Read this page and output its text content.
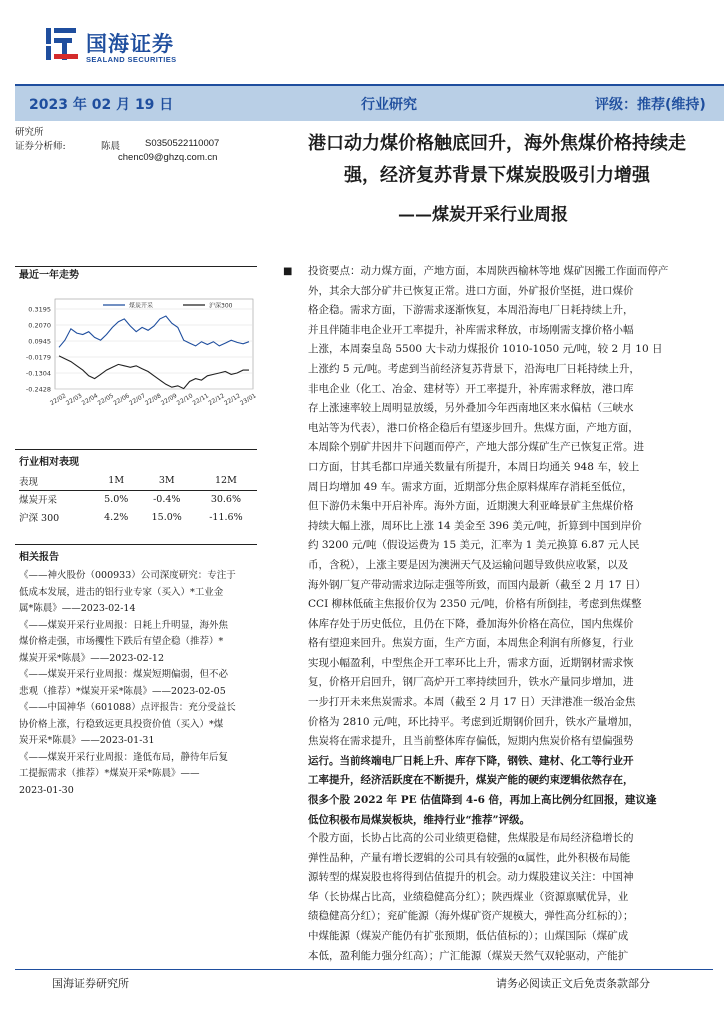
国海证券
SEALAND SECURITIES
2023 年 02 月 19 日	行业研究	评级：推荐(维持)
研究所
证券分析师:	陈晨	S0350522110007
chenc09@ghzq.com.cn
港口动力煤价格触底回升，海外焦煤价格持续走
强，经济复苏背景下煤炭股吸引力增强
——煤炭开采行业周报
最近一年走势
0.3195
0.2070
0.0945
-0.0179
-0.1304
-0.2428
22/02
22/03
22/04
22/05
22/06
22/07
22/08
22/09
22/10
22/11
22/12
22/12
23/01
煤炭开采	沪深300
行业相对表现
表现	1M	3M	12M
煤炭开采	5.0%	-0.4%	30.6%
沪深 300	4.2%	15.0%	-11.6%
相关报告
《——神火股份（000933）公司深度研究：专注于
低成本发展，进击的铝行业专家（买入）*工业金
属*陈晨》——2023-02-14
《——煤炭开采行业周报：日耗上升明显，海外焦
煤价格走强，市场攫性下跌后有望企稳（推荐）*
煤炭开采*陈晨》——2023-02-12
《——煤炭开采行业周报：煤炭短期偏弱，但不必
悲观（推荐）*煤炭开采*陈晨》——2023-02-05
《——中国神华（601088）点评报告：充分受益长
协价格上涨，行稳致远更具投资价值（买入）*煤
炭开采*陈晨》——2023-01-31
《——煤炭开采行业周报：逢低布局，静待年后复
工提振需求（推荐）*煤炭开采*陈晨》——
2023-01-30
■ 投资要点：动力煤方面，产地方面，本周陕西榆林等地 煤矿因搬工作面而停产
外，其余大部分矿井已恢复正常。进口方面，外矿报价坚挺，进口煤价
格企稳。需求方面，下游需求逐渐恢复，本周沿海电厂日耗持续上升，
并且伴随非电企业开工率提升，补库需求释放，市场刚需支撑价格小幅
上涨，本周秦皇岛 5500 大卡动力煤报价 1010-1050 元/吨，较 2 月 10 日
上涨约 5 元/吨。考虑到当前经济复苏背景下，沿海电厂日耗持续上升，
非电企业（化工、冶金、建材等）开工率提升，补库需求释放，港口库
存上涨速率较上周明显放缓，另外叠加今年西南地区来水偏枯（三峡水
电站等为代表），港口价格企稳后有望逐步回升。焦煤方面，产地方面，
本周除个别矿井因井下问题而停产，产地大部分煤矿生产已恢复正常。进
口方面，甘其毛都口岸通关数量有所提升，本周日均通关 948 车，较上
周日均增加 49 车。需求方面，近期部分焦企原料煤库存消耗至低位，
但下游仍未集中开启补库。海外方面，近期澳大利亚峰景矿主焦煤价格
持续大幅上涨，周环比上涨 14 美金至 396 美元/吨，折算到中国到岸价
约 3200 元/吨（假设运费为 15 美元，汇率为 1 美元换算 6.87 元人民
币，含税），上涨主要是因为澳洲天气及运输问题导致供应收紧，以及
海外钢厂复产带动需求边际走强等所致，而国内最新（截至 2 月 17 日）
CCI 柳林低硫主焦报价仅为 2350 元/吨，价格有所倒挂，考虑到焦煤整
体库存处于历史低位，且仍在下降，叠加海外价格在高位，国内焦煤价
格有望迎来回升。焦炭方面，生产方面，本周焦企利润有所修复，行业
实现小幅盈利，中型焦企开工率环比上升，需求方面，近期钢材需求恢
复，价格开启回升，钢厂高炉开工率持续回升，铁水产量同步增加，进
一步打开未来焦炭需求。本周（截至 2 月 17 日）天津港准一级冶金焦
价格为 2810 元/吨，环比持平。考虑到近期钢价回升，铁水产量增加，
焦炭将在需求提升，且当前整体库存偏低，短期内焦炭价格有望偏强势
运行。当前终端电厂日耗上升、库存下降，钢铁、建材、化工等行业开
工率提升，经济活跃度在不断提升，煤炭产能的硬约束逻辑依然存在，
很多个股 2022 年 PE 估值降到 4-6 倍，再加上高比例分红回报，建议逢
低位积极布局煤炭板块，维持行业“推荐”评级。
个股方面，长协占比高的公司业绩更稳健，焦煤股是布局经济稳增长的
弹性品种，产量有增长逻辑的公司具有较强的α属性，此外积极布局能
源转型的煤炭股也将得到估值提升的机会。动力煤股建议关注：中国神
华（长协煤占比高，业绩稳健高分红）；陕西煤业（资源禀赋优异，业
绩稳健高分红）；兖矿能源（海外煤矿资产规模大，弹性高分红标的）；
中煤能源（煤炭产能仍有扩张预期，低估值标的）；山煤国际（煤矿成
本低，盈利能力强分红高）；广汇能源（煤炭天然气双轮驱动，产能扩
国海证券研究所	请务必阅读正文后免责条款部分
